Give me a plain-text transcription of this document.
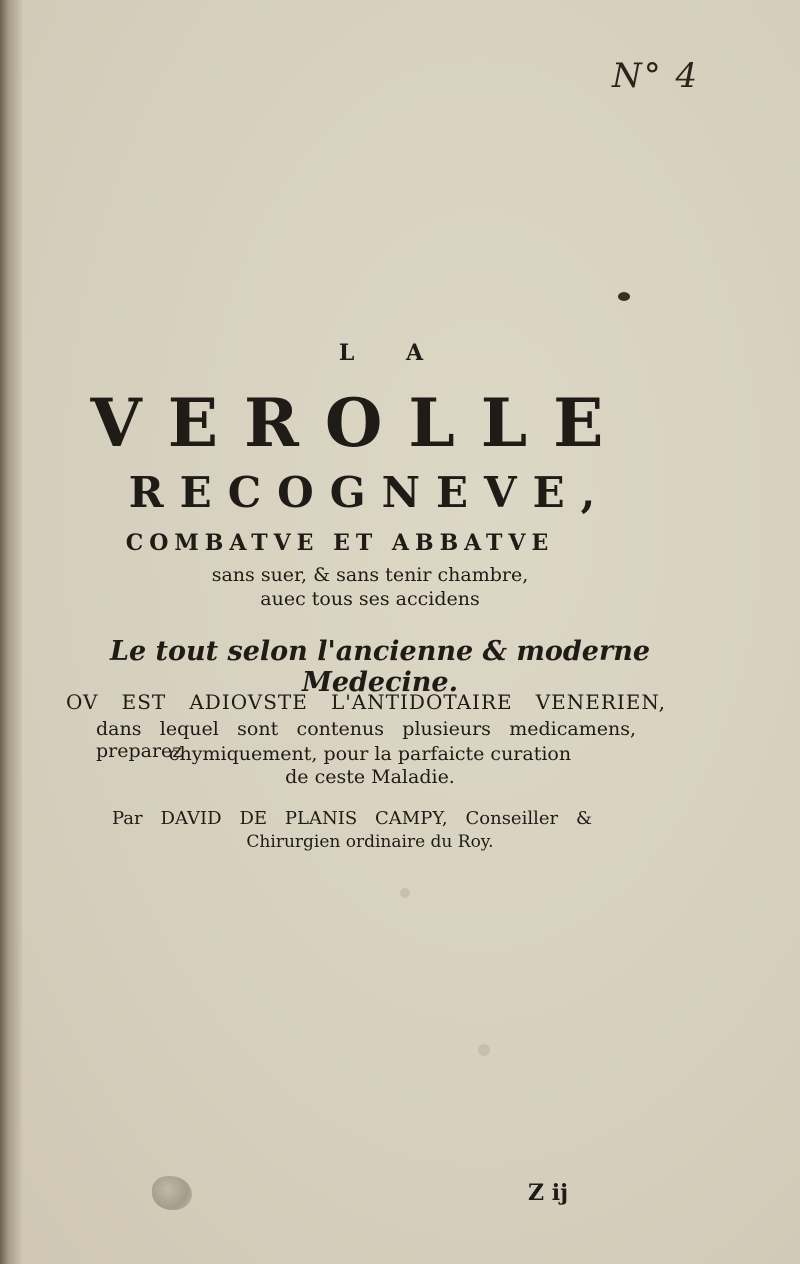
N° 4
L A
VEROLLE
RECOGNEVE,
COMBATVE ET ABBATVE
sans suer, & sans tenir chambre,
auec tous ses accidens
Le tout selon l'ancienne & moderne Medecine.
OV EST ADIOVSTE L'ANTIDOTAIRE VENERIEN,
dans lequel sont contenus plusieurs medicamens, preparez
chymiquement, pour la parfaicte curation
de ceste Maladie.
Par DAVID DE PLANIS CAMPY, Conseiller &
Chirurgien ordinaire du Roy.
Z ij
